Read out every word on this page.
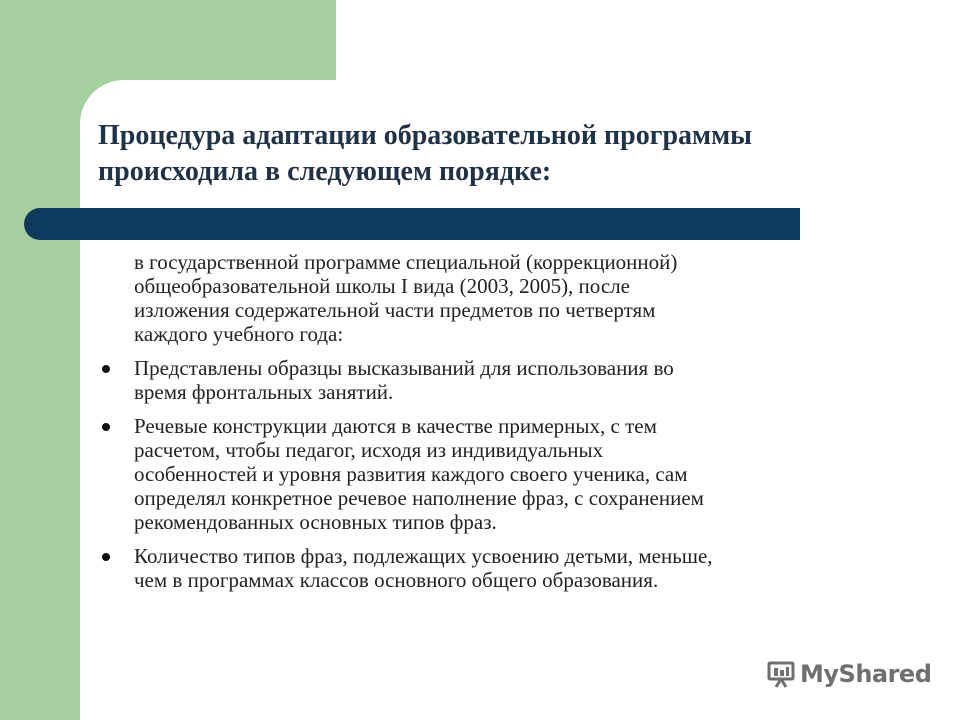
Процедура адаптации образовательной программы
происходила в следующем порядке:
в государственной программе специальной (коррекционной)
общеобразовательной школы I вида (2003, 2005), после
изложения содержательной части предметов по четвертям
каждого учебного года:
Представлены образцы высказываний для использования во
время фронтальных занятий.
Речевые конструкции даются в качестве примерных, с тем
расчетом, чтобы педагог, исходя из индивидуальных
особенностей и уровня развития каждого своего ученика, сам
определял конкретное речевое наполнение фраз, с сохранением
рекомендованных основных типов фраз.
Количество типов фраз, подлежащих усвоению детьми, меньше,
чем в программах классов основного общего образования.
MyShared
